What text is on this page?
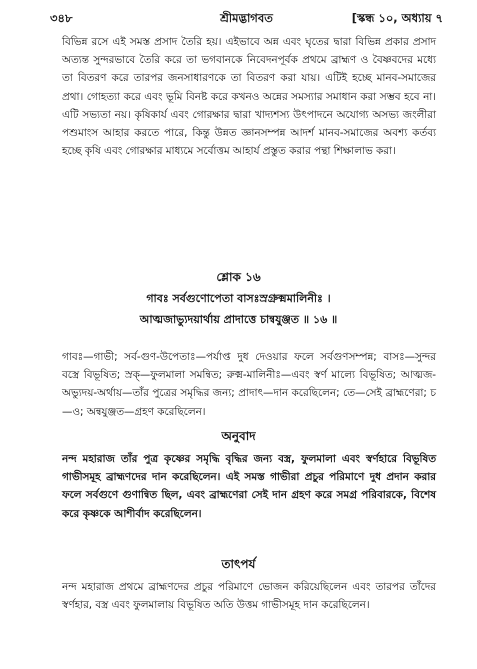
৩৪৮	শ্রীমদ্ভাগবত	[স্কন্ধ ১০, অধ্যায় ৭

বিভিন্ন রসে এই সমস্ত প্রসাদ তৈরি হয়। এইভাবে অন্ন এবং ঘৃতের দ্বারা বিভিন্ন প্রকার প্রসাদ অত্যন্ত সুন্দরভাবে তৈরি করে তা ভগবানকে নিবেদনপূর্বক প্রথমে ব্রাহ্মণ ও বৈষ্ণবদের মধ্যে তা বিতরণ করে তারপর জনসাধারণকে তা বিতরণ করা যায়। এটিই হচ্ছে মানব-সমাজের প্রথা। গোহত্যা করে এবং ভূমি বিনষ্ট করে কখনও অন্নের সমস্যার সমাধান করা সম্ভব হবে না। এটি সভ্যতা নয়। কৃষিকার্য এবং গোরক্ষার দ্বারা খাদ্যশস্য উৎপাদনে অযোগ্য অসভ্য জংলীরা পশুমাংস আহার করতে পারে, কিন্তু উন্নত জ্ঞানসম্পন্ন আদর্শ মানব-সমাজের অবশ্য কর্তব্য হচ্ছে কৃষি এবং গোরক্ষার মাধ্যমে সর্বোত্তম আহার্য প্রস্তুত করার পন্থা শিক্ষালাভ করা।

শ্লোক ১৬

গাবঃ সর্বগুণোপেতা বাসঃস্রগ্রুক্মমালিনীঃ ।

আত্মজাভ্যুদয়ার্থায় প্রাদাত্তে চান্বযুঞ্জত ॥ ১৬ ॥

গাবঃ—গাভী; সর্ব-গুণ-উপেতাঃ—পর্যাপ্ত দুধ দেওয়ার ফলে সর্বগুণসম্পন্ন; বাসঃ—সুন্দর বস্ত্রে বিভূষিত; স্রক্—ফুলমালা সমন্বিত; রুক্ম-মালিনীঃ—এবং স্বর্ণ মাল্যে বিভূষিত; আত্মজ-অভ্যুদয়-অর্থায়—তাঁর পুত্রের সমৃদ্ধির জন্য; প্রাদাৎ—দান করেছিলেন; তে—সেই ব্রাহ্মণেরা; চ—ও; অন্বযুঞ্জত—গ্রহণ করেছিলেন।

অনুবাদ

নন্দ মহারাজ তাঁর পুত্র কৃষ্ণের সমৃদ্ধি বৃদ্ধির জন্য বস্ত্র, ফুলমালা এবং স্বর্ণহারে বিভূষিত গাভীসমূহ ব্রাহ্মণদের দান করেছিলেন। এই সমস্ত গাভীরা প্রচুর পরিমাণে দুধ প্রদান করার ফলে সর্বগুণে গুণান্বিত ছিল, এবং ব্রাহ্মণেরা সেই দান গ্রহণ করে সমগ্র পরিবারকে, বিশেষ করে কৃষ্ণকে আশীর্বাদ করেছিলেন।

তাৎপর্য

নন্দ মহারাজ প্রথমে ব্রাহ্মণদের প্রচুর পরিমাণে ভোজন করিয়েছিলেন এবং তারপর তাঁদের স্বর্ণহার, বস্ত্র এবং ফুলমালায় বিভূষিত অতি উত্তম গাভীসমূহ দান করেছিলেন।
